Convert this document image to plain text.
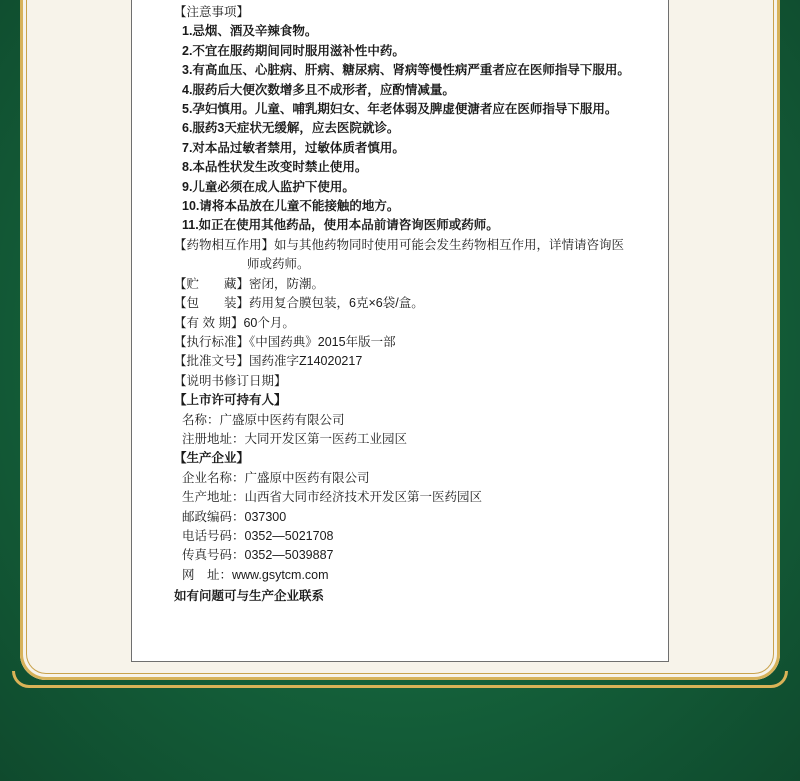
【注意事项】
1.忌烟、酒及辛辣食物。
2.不宜在服药期间同时服用滋补性中药。
3.有高血压、心脏病、肝病、糖尿病、肾病等慢性病严重者应在医师指导下服用。
4.服药后大便次数增多且不成形者，应酌情减量。
5.孕妇慎用。儿童、哺乳期妇女、年老体弱及脾虚便溏者应在医师指导下服用。
6.服药3天症状无缓解，应去医院就诊。
7.对本品过敏者禁用，过敏体质者慎用。
8.本品性状发生改变时禁止使用。
9.儿童必须在成人监护下使用。
10.请将本品放在儿童不能接触的地方。
11.如正在使用其他药品，使用本品前请咨询医师或药师。
【药物相互作用】如与其他药物同时使用可能会发生药物相互作用，详情请咨询医
师或药师。
【贮　　藏】密闭，防潮。
【包　　装】药用复合膜包装，6克×6袋/盒。
【有 效 期】60个月。
【执行标准】《中国药典》2015年版一部
【批准文号】国药准字Z14020217
【说明书修订日期】
【上市许可持有人】
名称：广盛原中医药有限公司
注册地址：大同开发区第一医药工业园区
【生产企业】
企业名称：广盛原中医药有限公司
生产地址：山西省大同市经济技术开发区第一医药园区
邮政编码：037300
电话号码：0352—5021708
传真号码：0352—5039887
网　址：www.gsytcm.com
如有问题可与生产企业联系
